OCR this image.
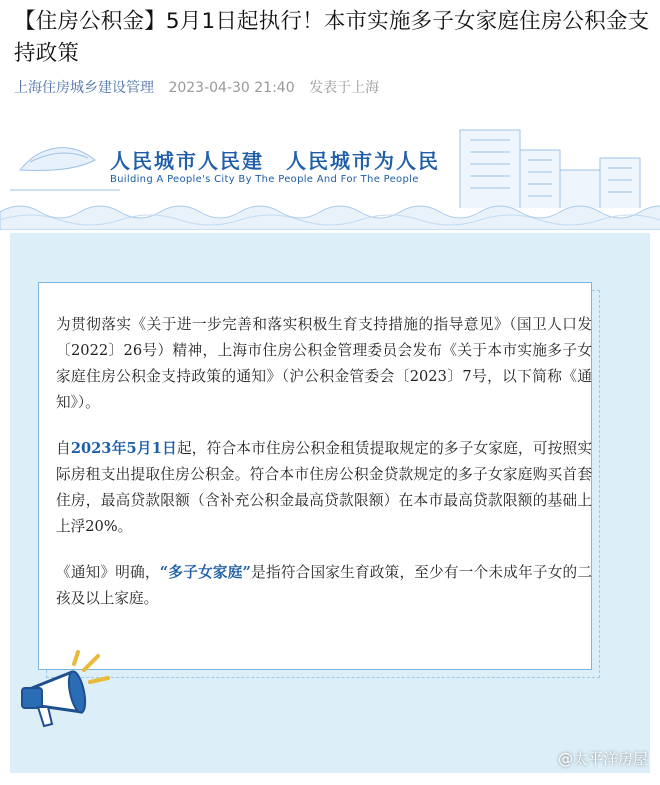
【住房公积金】5月1日起执行！本市实施多子女家庭住房公积金支持政策
上海住房城乡建设管理 2023-04-30 21:40 发表于上海
人民城市人民建　人民城市为人民
Building A People's City By The People And For The People

为贯彻落实《关于进一步完善和落实积极生育支持措施的指导意见》（国卫人口发〔2022〕26号）精神，上海市住房公积金管理委员会发布《关于本市实施多子女家庭住房公积金支持政策的通知》（沪公积金管委会〔2023〕7号，以下简称《通知》）。

自2023年5月1日起，符合本市住房公积金租赁提取规定的多子女家庭，可按照实际房租支出提取住房公积金。符合本市住房公积金贷款规定的多子女家庭购买首套住房，最高贷款限额（含补充公积金最高贷款限额）在本市最高贷款限额的基础上上浮20%。

《通知》明确，“多子女家庭”是指符合国家生育政策，至少有一个未成年子女的二孩及以上家庭。

@太平洋房屋
